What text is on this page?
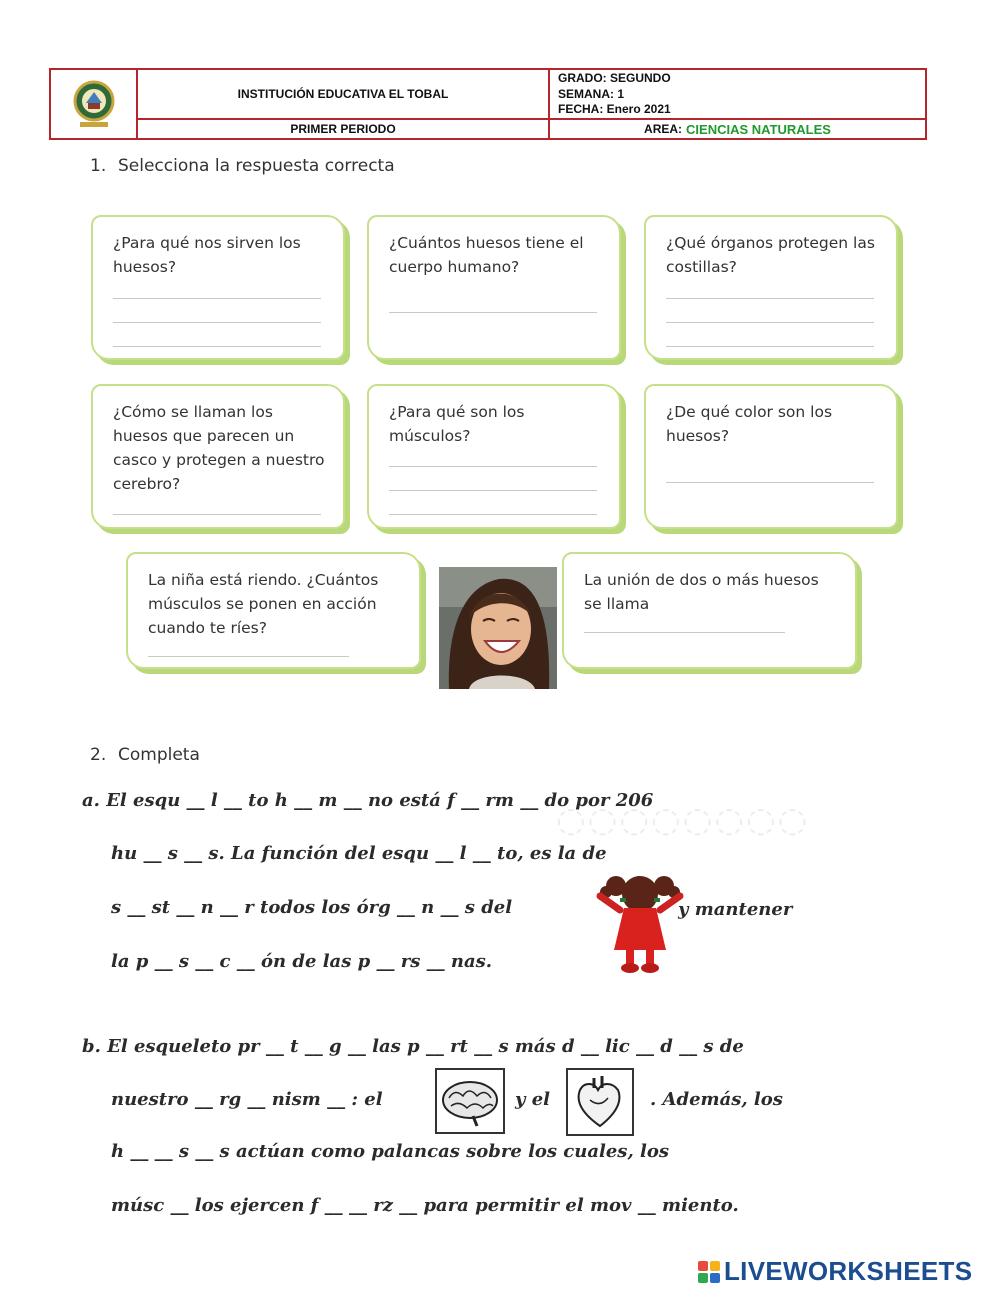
INSTITUCIÓN EDUCATIVA EL TOBAL
GRADO: SEGUNDO
SEMANA: 1
FECHA: Enero 2021
PRIMER PERIODO	AREA: CIENCIAS NATURALES
1. Selecciona la respuesta correcta

¿Para qué nos sirven los huesos?

¿Cuántos huesos tiene el cuerpo humano?

¿Qué órganos protegen las costillas?

¿Cómo se llaman los huesos que parecen un casco y protegen a nuestro cerebro?

¿Para qué son los músculos?

¿De qué color son los huesos?

La niña está riendo. ¿Cuántos músculos se ponen en acción cuando te ríes?

La unión de dos o más huesos se llama

2. Completa
◌◌◌◌◌◌◌◌
a. El esqu __ l __ to h __ m __ no está f __ rm __ do por 206
hu __ s __ s. La función del esqu __ l __ to, es la de
s __ st __ n __ r todos los órg __ n __ s del	y mantener
la p __ s __ c __ ón de las p __ rs __ nas.
b. El esqueleto pr __ t __ g __ las p __ rt __ s más d __ lic __ d __ s de
nuestro __ rg __ nism __ : el	y el	. Además, los
h __ __ s __ s actúan como palancas sobre los cuales, los
músc __ los ejercen f __ __ rz __ para permitir el mov __ miento.
LIVEWORKSHEETS
